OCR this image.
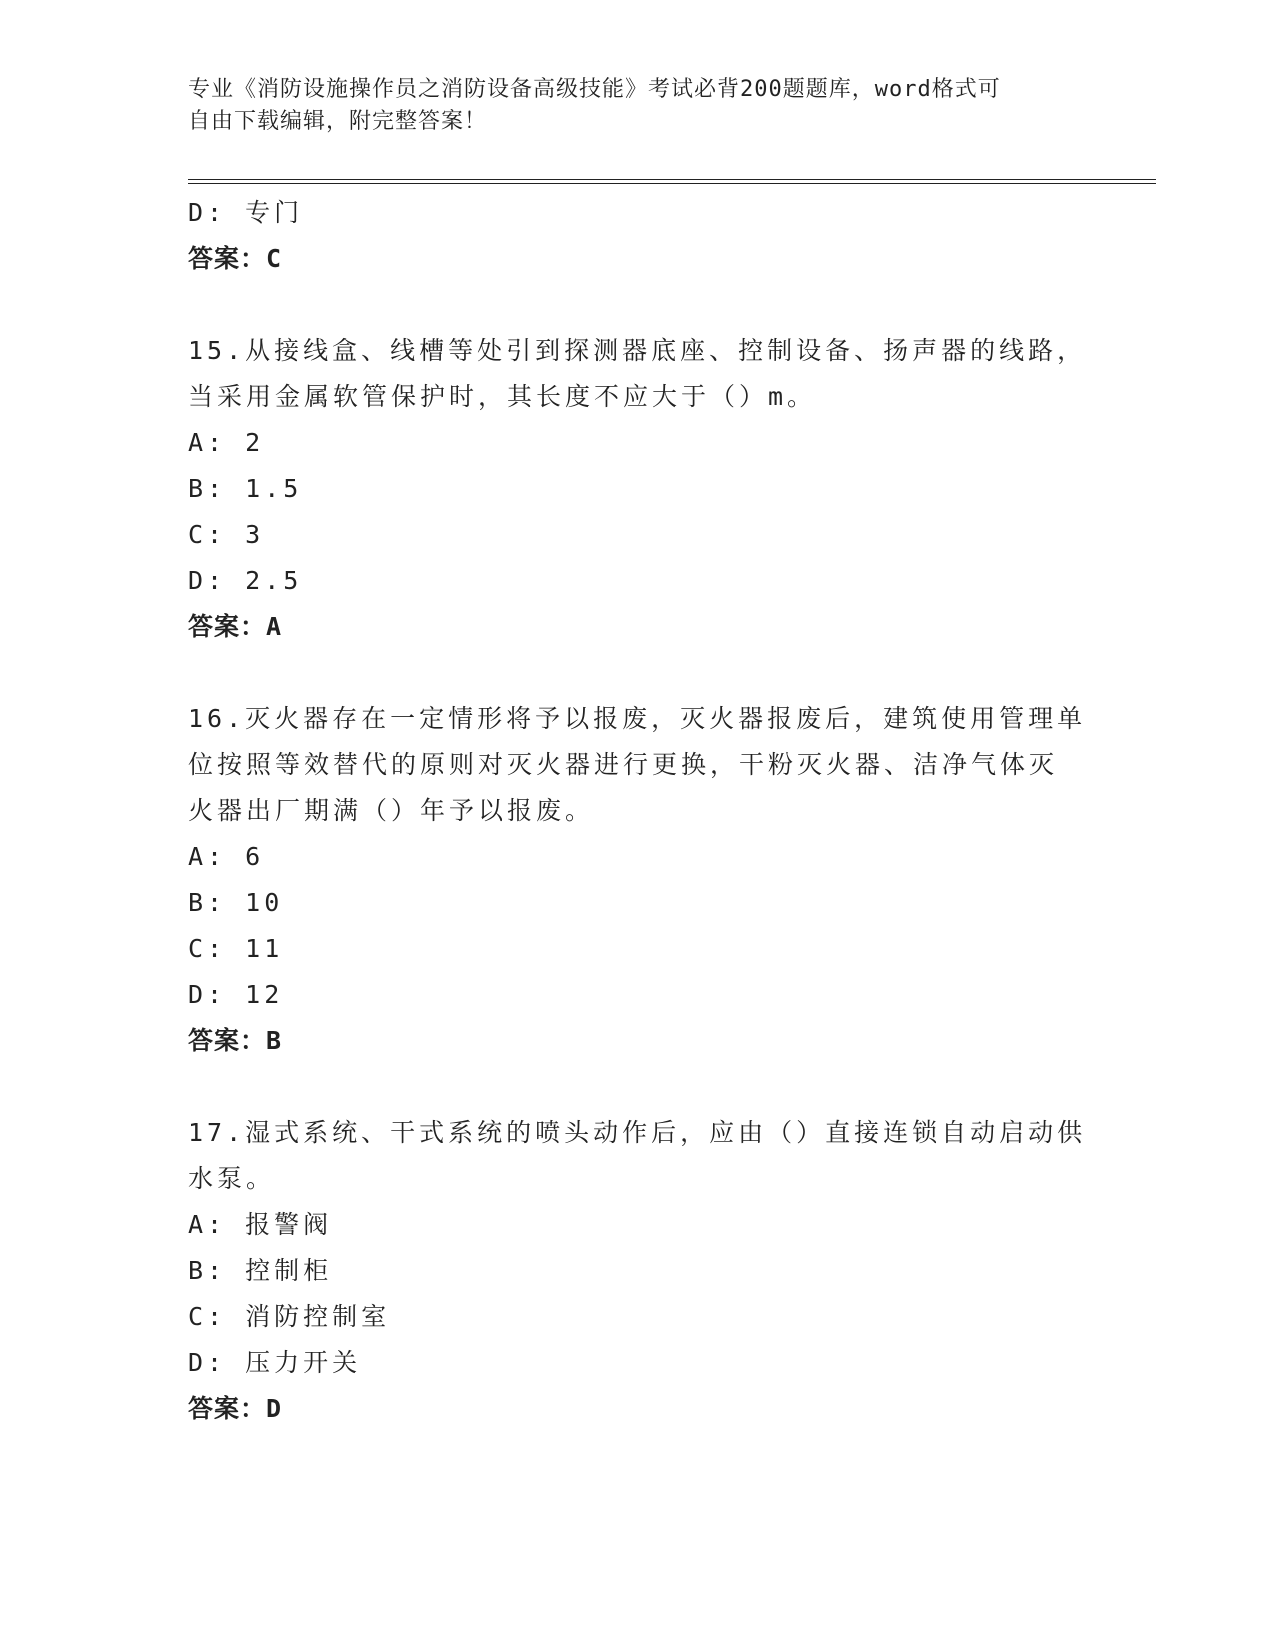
专业《消防设施操作员之消防设备高级技能》考试必背200题题库，word格式可
自由下载编辑，附完整答案！
D: 专门
答案：C
15.从接线盒、线槽等处引到探测器底座、控制设备、扬声器的线路，
当采用金属软管保护时，其长度不应大于（）m。
A: 2
B: 1.5
C: 3
D: 2.5
答案：A
16.灭火器存在一定情形将予以报废，灭火器报废后，建筑使用管理单
位按照等效替代的原则对灭火器进行更换，干粉灭火器、洁净气体灭
火器出厂期满（）年予以报废。
A: 6
B: 10
C: 11
D: 12
答案：B
17.湿式系统、干式系统的喷头动作后，应由（）直接连锁自动启动供
水泵。
A: 报警阀
B: 控制柜
C: 消防控制室
D: 压力开关
答案：D
